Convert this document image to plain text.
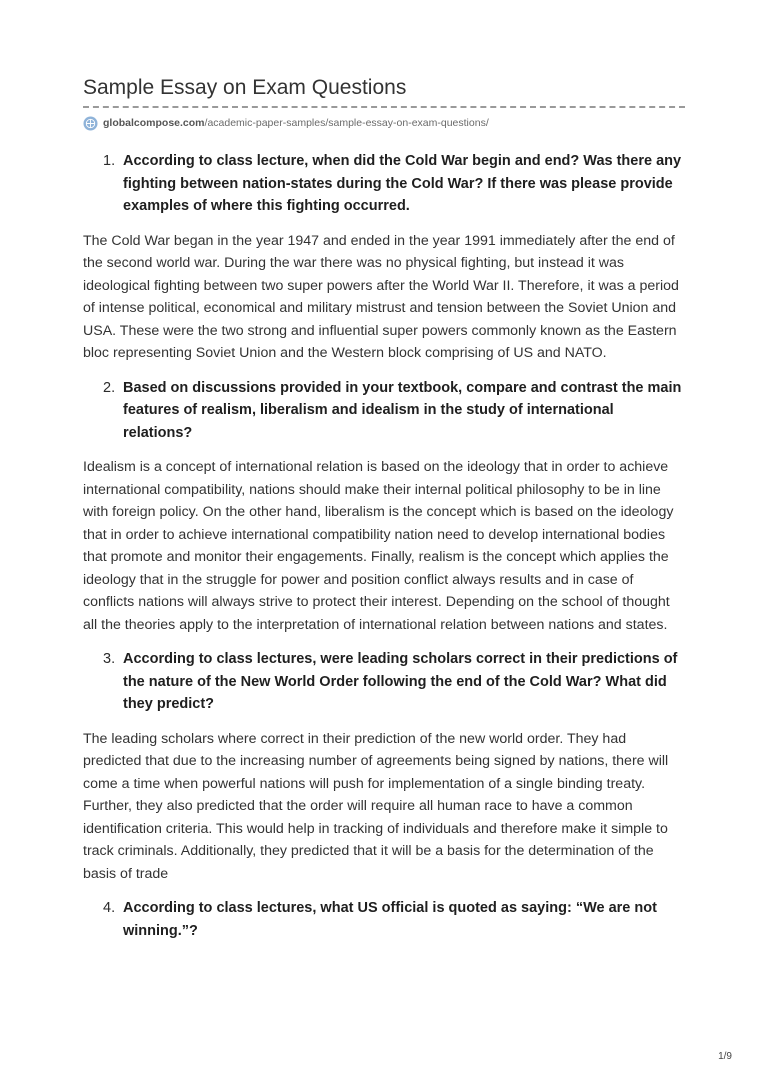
Sample Essay on Exam Questions
globalcompose.com/academic-paper-samples/sample-essay-on-exam-questions/
1. According to class lecture, when did the Cold War begin and end? Was there any fighting between nation-states during the Cold War? If there was please provide examples of where this fighting occurred.

The Cold War began in the year 1947 and ended in the year 1991 immediately after the end of the second world war. During the war there was no physical fighting, but instead it was ideological fighting between two super powers after the World War II. Therefore, it was a period of intense political, economical and military mistrust and tension between the Soviet Union and USA. These were the two strong and influential super powers commonly known as the Eastern bloc representing Soviet Union and the Western block comprising of US and NATO.

2. Based on discussions provided in your textbook, compare and contrast the main features of realism, liberalism and idealism in the study of international relations?

Idealism is a concept of international relation is based on the ideology that in order to achieve international compatibility, nations should make their internal political philosophy to be in line with foreign policy. On the other hand, liberalism is the concept which is based on the ideology that in order to achieve international compatibility nation need to develop international bodies that promote and monitor their engagements. Finally, realism is the concept which applies the ideology that in the struggle for power and position conflict always results and in case of conflicts nations will always strive to protect their interest. Depending on the school of thought all the theories apply to the interpretation of international relation between nations and states.

3. According to class lectures, were leading scholars correct in their predictions of the nature of the New World Order following the end of the Cold War? What did they predict?

The leading scholars where correct in their prediction of the new world order. They had predicted that due to the increasing number of agreements being signed by nations, there will come a time when powerful nations will push for implementation of a single binding treaty. Further, they also predicted that the order will require all human race to have a common identification criteria. This would help in tracking of individuals and therefore make it simple to track criminals. Additionally, they predicted that it will be a basis for the determination of the basis of trade

4. According to class lectures, what US official is quoted as saying: “We are not winning.”?
1/9
